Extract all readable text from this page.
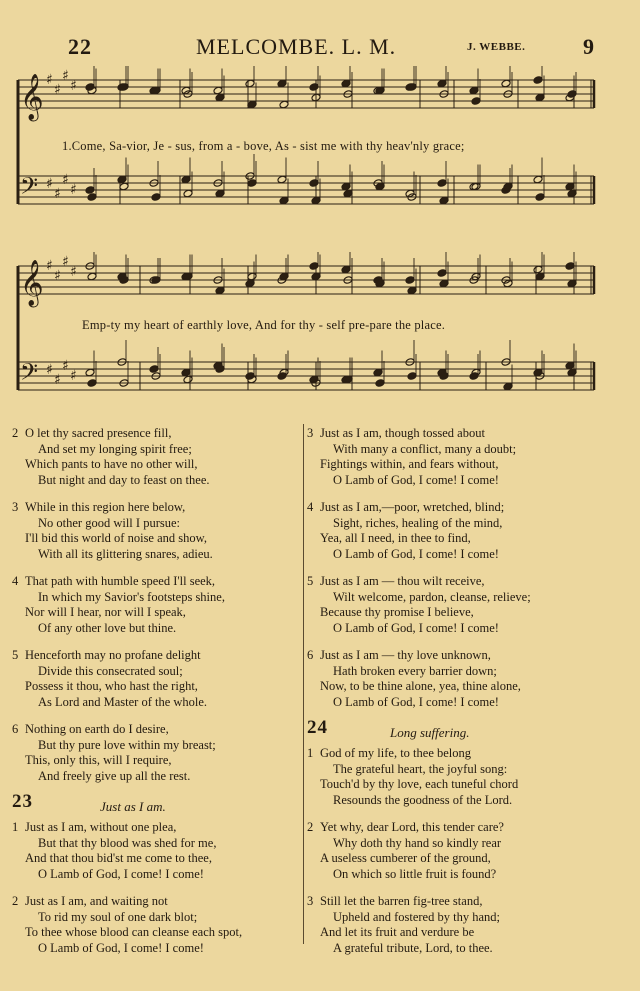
22	MELCOMBE. L. M.	J. WEBBE.	9
𝄞 ♯
♯
♯
♯
𝄢 ♯
♯
♯
♯
1.Come, Sa-vior, Je - sus, from a - bove, As - sist me with thy heav'nly grace;
𝄞 ♯
♯
♯
♯
𝄢 ♯
♯
♯
♯
Emp-ty my heart of earthly love, And for thy - self pre-pare the place.
2 O let thy sacred presence fill,
And set my longing spirit free;
Which pants to have no other will,
But night and day to feast on thee.
3 While in this region here below,
No other good will I pursue:
I'll bid this world of noise and show,
With all its glittering snares, adieu.
4 That path with humble speed I'll seek,
In which my Savior's footsteps shine,
Nor will I hear, nor will I speak,
Of any other love but thine.
5 Henceforth may no profane delight
Divide this consecrated soul;
Possess it thou, who hast the right,
As Lord and Master of the whole.
6 Nothing on earth do I desire,
But thy pure love within my breast;
This, only this, will I require,
And freely give up all the rest.
23	Just as I am.
1 Just as I am, without one plea,
But that thy blood was shed for me,
And that thou bid'st me come to thee,
O Lamb of God, I come! I come!
2 Just as I am, and waiting not
To rid my soul of one dark blot;
To thee whose blood can cleanse each spot,
O Lamb of God, I come! I come!
3 Just as I am, though tossed about
With many a conflict, many a doubt;
Fightings within, and fears without,
O Lamb of God, I come! I come!
4 Just as I am,—poor, wretched, blind;
Sight, riches, healing of the mind,
Yea, all I need, in thee to find,
O Lamb of God, I come! I come!
5 Just as I am — thou wilt receive,
Wilt welcome, pardon, cleanse, relieve;
Because thy promise I believe,
O Lamb of God, I come! I come!
6 Just as I am — thy love unknown,
Hath broken every barrier down;
Now, to be thine alone, yea, thine alone,
O Lamb of God, I come! I come!
24	Long suffering.
1 God of my life, to thee belong
The grateful heart, the joyful song:
Touch'd by thy love, each tuneful chord
Resounds the goodness of the Lord.
2 Yet why, dear Lord, this tender care?
Why doth thy hand so kindly rear
A useless cumberer of the ground,
On which so little fruit is found?
3 Still let the barren fig-tree stand,
Upheld and fostered by thy hand;
And let its fruit and verdure be
A grateful tribute, Lord, to thee.
